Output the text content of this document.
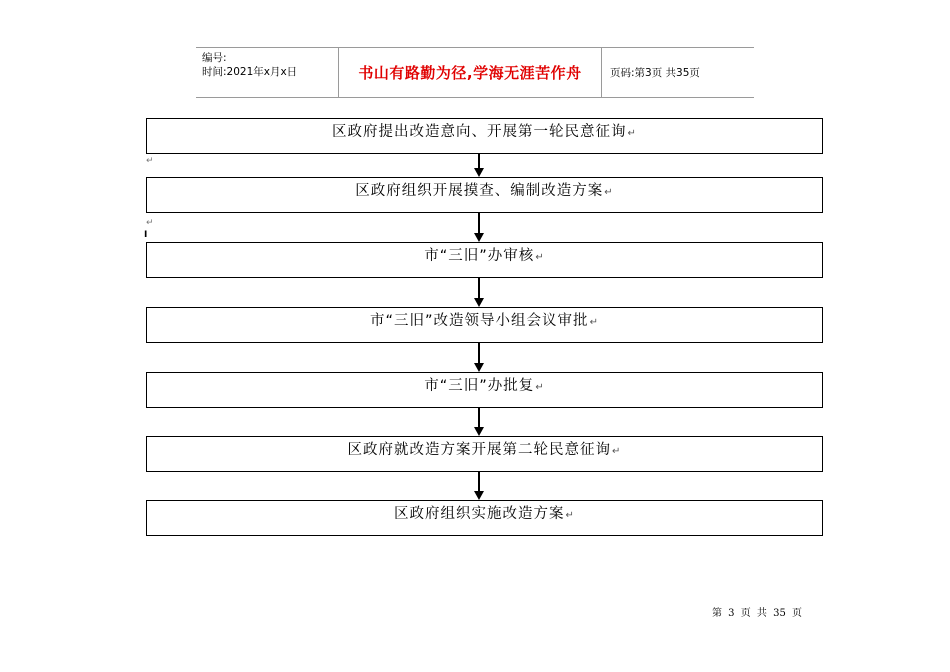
编号:
时间:2021年x月x日	书山有路勤为径,学海无涯苦作舟	页码:第3页 共35页
↵
↵
I
区政府提出改造意向、开展第一轮民意征询 ↵
区政府组织开展摸查、编制改造方案 ↵
市“三旧”办审核 ↵
市“三旧”改造领导小组会议审批 ↵
市“三旧”办批复 ↵
区政府就改造方案开展第二轮民意征询 ↵
区政府组织实施改造方案 ↵
第 3 页 共 35 页
